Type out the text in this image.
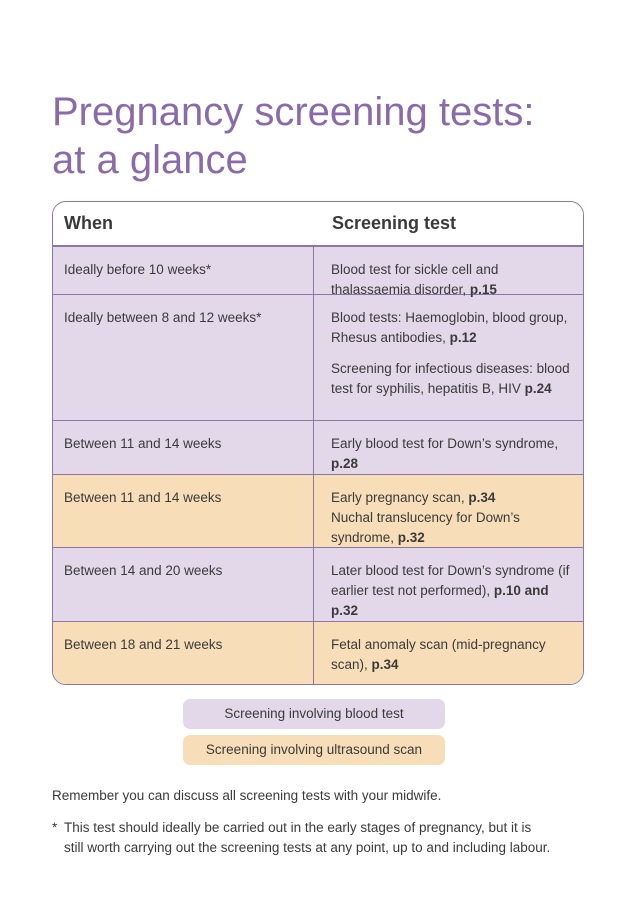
Pregnancy screening tests:
at a glance
When	Screening test
Ideally before 10 weeks*	Blood test for sickle cell and thalassaemia disorder, p.15
Ideally between 8 and 12 weeks*	Blood tests: Haemoglobin, blood group, Rhesus antibodies, p.12
Screening for infectious diseases: blood test for syphilis, hepatitis B, HIV p.24
Between 11 and 14 weeks	Early blood test for Down’s syndrome, p.28
Between 11 and 14 weeks	Early pregnancy scan, p.34
Nuchal translucency for Down’s syndrome, p.32
Between 14 and 20 weeks	Later blood test for Down’s syndrome (if earlier test not performed), p.10 and p.32
Between 18 and 21 weeks	Fetal anomaly scan (mid-pregnancy scan), p.34
Screening involving blood test
Screening involving ultrasound scan

Remember you can discuss all screening tests with your midwife.

* This test should ideally be carried out in the early stages of pregnancy, but it is still worth carrying out the screening tests at any point, up to and including labour.
